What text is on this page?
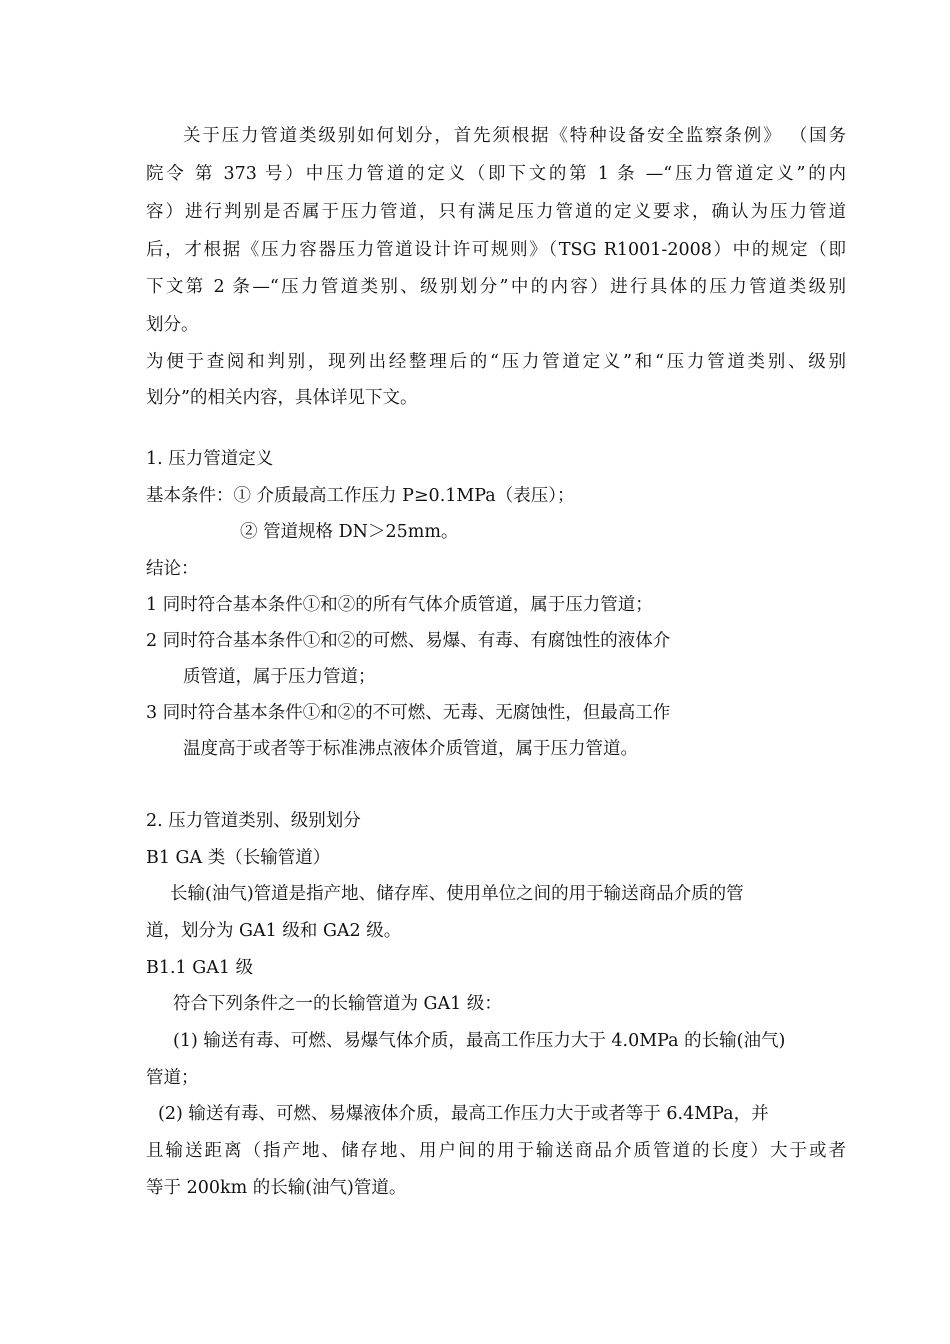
关于压力管道类级别如何划分，首先须根据《特种设备安全监察条例》 （国务
院令 第 373 号）中压力管道的定义（即下文的第 1 条 —“压力管道定义”的内
容）进行判别是否属于压力管道，只有满足压力管道的定义要求，确认为压力管道
后，才根据《压力容器压力管道设计许可规则》（TSG R1001-2008）中的规定（即
下文第 2 条—“压力管道类别、级别划分”中的内容）进行具体的压力管道类级别
划分。
为便于查阅和判别，现列出经整理后的“压力管道定义”和“压力管道类别、级别
划分”的相关内容，具体详见下文。
1. 压力管道定义
基本条件：① 介质最高工作压力 P≥0.1MPa（表压）；
② 管道规格 DN＞25mm。
结论：
1 同时符合基本条件①和②的所有气体介质管道，属于压力管道；
2 同时符合基本条件①和②的可燃、易爆、有毒、有腐蚀性的液体介
质管道，属于压力管道；
3 同时符合基本条件①和②的不可燃、无毒、无腐蚀性，但最高工作
温度高于或者等于标准沸点液体介质管道，属于压力管道。
2. 压力管道类别、级别划分
B1 GA 类（长输管道）
长输(油气)管道是指产地、储存库、使用单位之间的用于输送商品介质的管
道，划分为 GA1 级和 GA2 级。
B1.1 GA1 级
符合下列条件之一的长输管道为 GA1 级：
(1) 输送有毒、可燃、易爆气体介质，最高工作压力大于 4.0MPa 的长输(油气)
管道；
(2) 输送有毒、可燃、易爆液体介质，最高工作压力大于或者等于 6.4MPa，并
且输送距离（指产地、储存地、用户间的用于输送商品介质管道的长度）大于或者
等于 200km 的长输(油气)管道。
